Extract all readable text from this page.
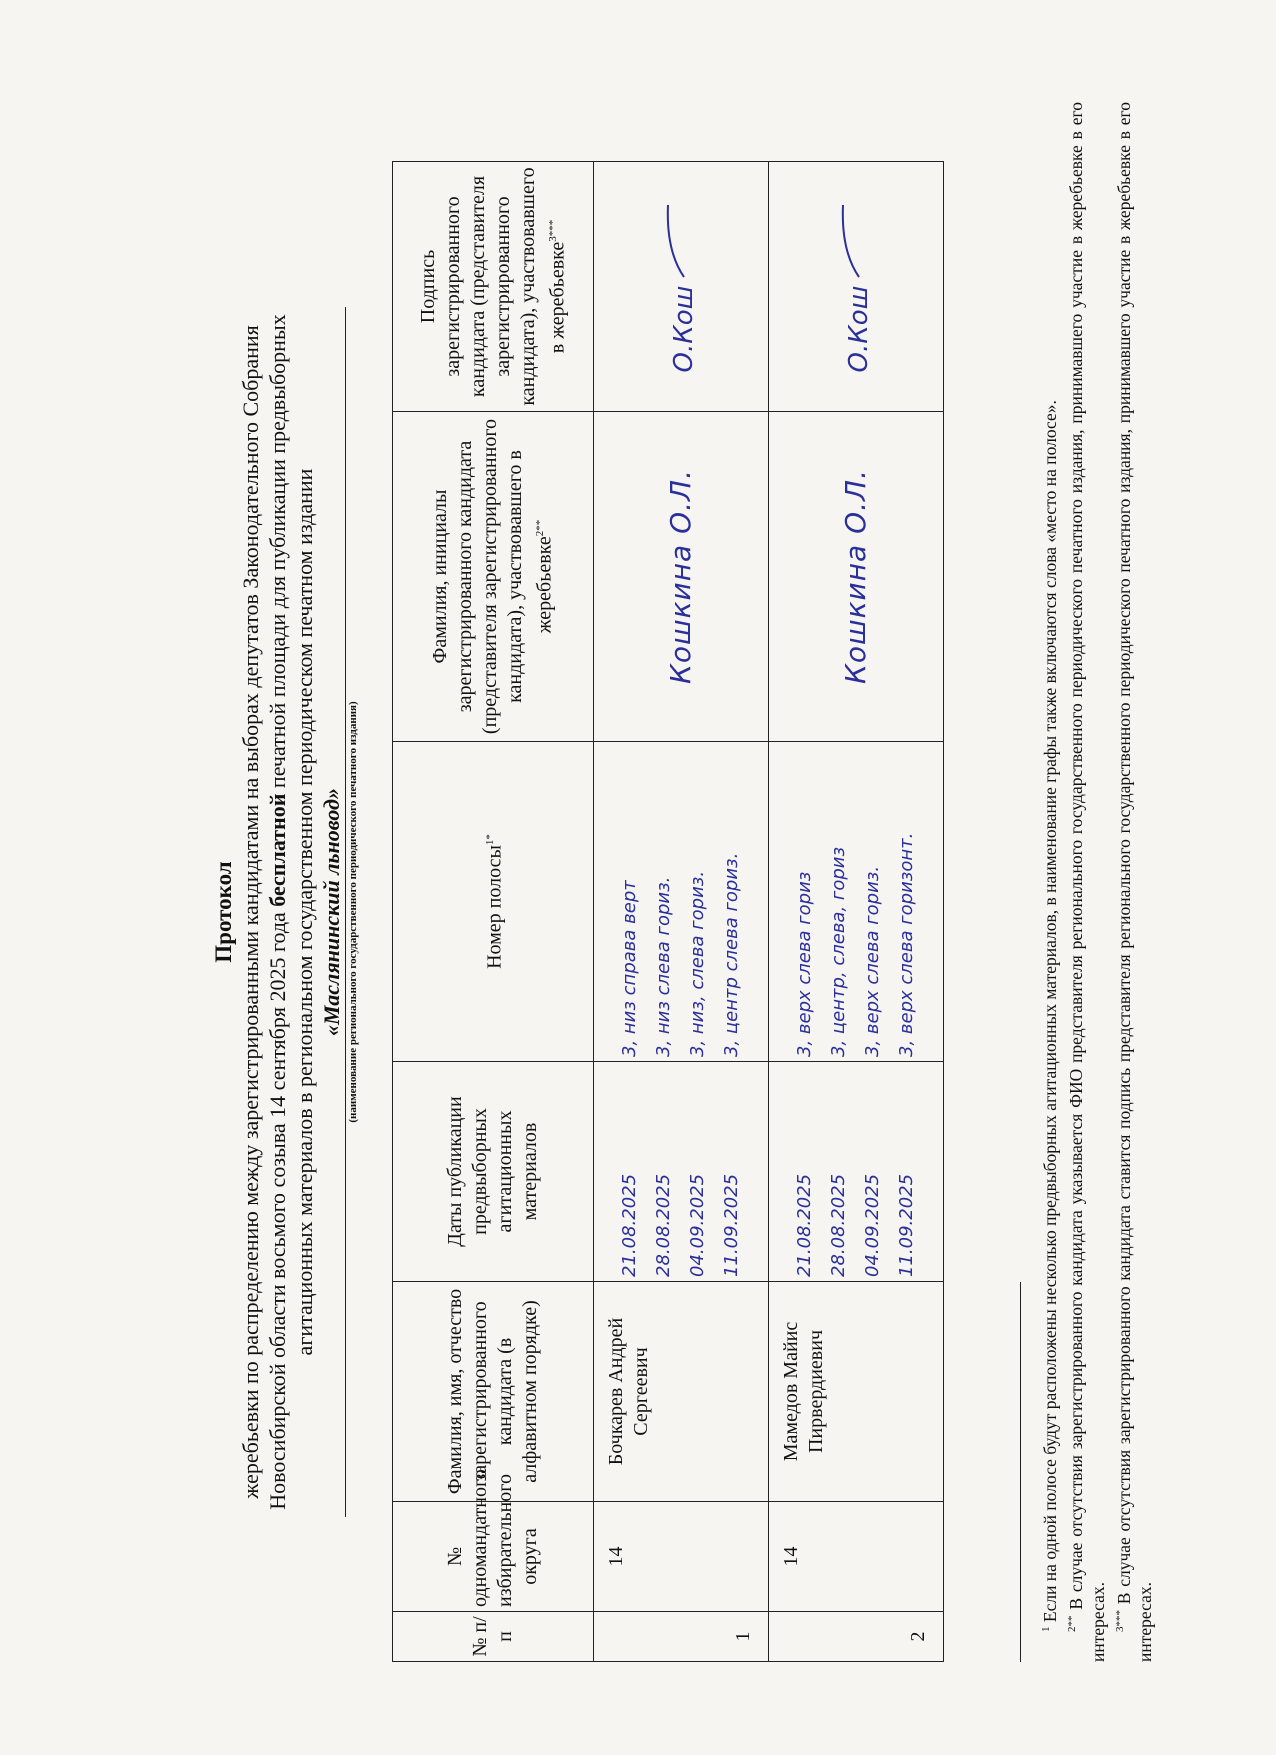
Протокол жеребьевки по распределению между зарегистрированными кандидатами на выборах депутатов Законодательного Собрания Новосибирской области восьмого созыва 14 сентября 2025 года бесплатной печатной площади для публикации предвыборных агитационных материалов в региональном государственном периодическом печатном издании «Маслянинский льновод» (наименование регионального государственного периодического печатного издания)
№ п/п	№ одномандатного избирательного округа	Фамилия, имя, отчество зарегистрированного кандидата (в алфавитном порядке)	Даты публикации предвыборных агитационных материалов	Номер полосы$^{1*}$	Фамилия, инициалы зарегистрированного кандидата (представителя зарегистрированного кандидата), участвовавшего в жеребьевке$^{2**}$	Подпись зарегистрированного кандидата (представителя зарегистрированного кандидата), участвовавшего в жеребьевке$^{3***}$
1	14	Бочкарев Андрей Сергеевич	21.08.2025 28.08.2025 04.09.2025 11.09.2025	3, низ справа верт 3, низ слева гориз. 3, низ, слева гориз. 3, центр слева гориз.	Кошкина О.Л.	О.Кош
2	14	Мамедов Майис Пирвердиевич	21.08.2025 28.08.2025 04.09.2025 11.09.2025	3, верх слева гориз 3, центр, слева, гориз 3, верх слева гориз. 3, верх слева горизонт.	Кошкина О.Л.	О.Кош

$^1$ Если на одной полосе будут расположены несколько предвыборных агитационных материалов, в наименование графы также включаются слова «место на полосе».

$^{2**}$ В случае отсутствия зарегистрированного кандидата указывается ФИО представителя регионального государственного периодического печатного издания, принимавшего участие в жеребьевке в его интересах. $^{3***}$ В случае отсутствия зарегистрированного кандидата ставится подпись представителя регионального государственного периодического печатного издания, принимавшего участие в жеребьевке в его интересах.
